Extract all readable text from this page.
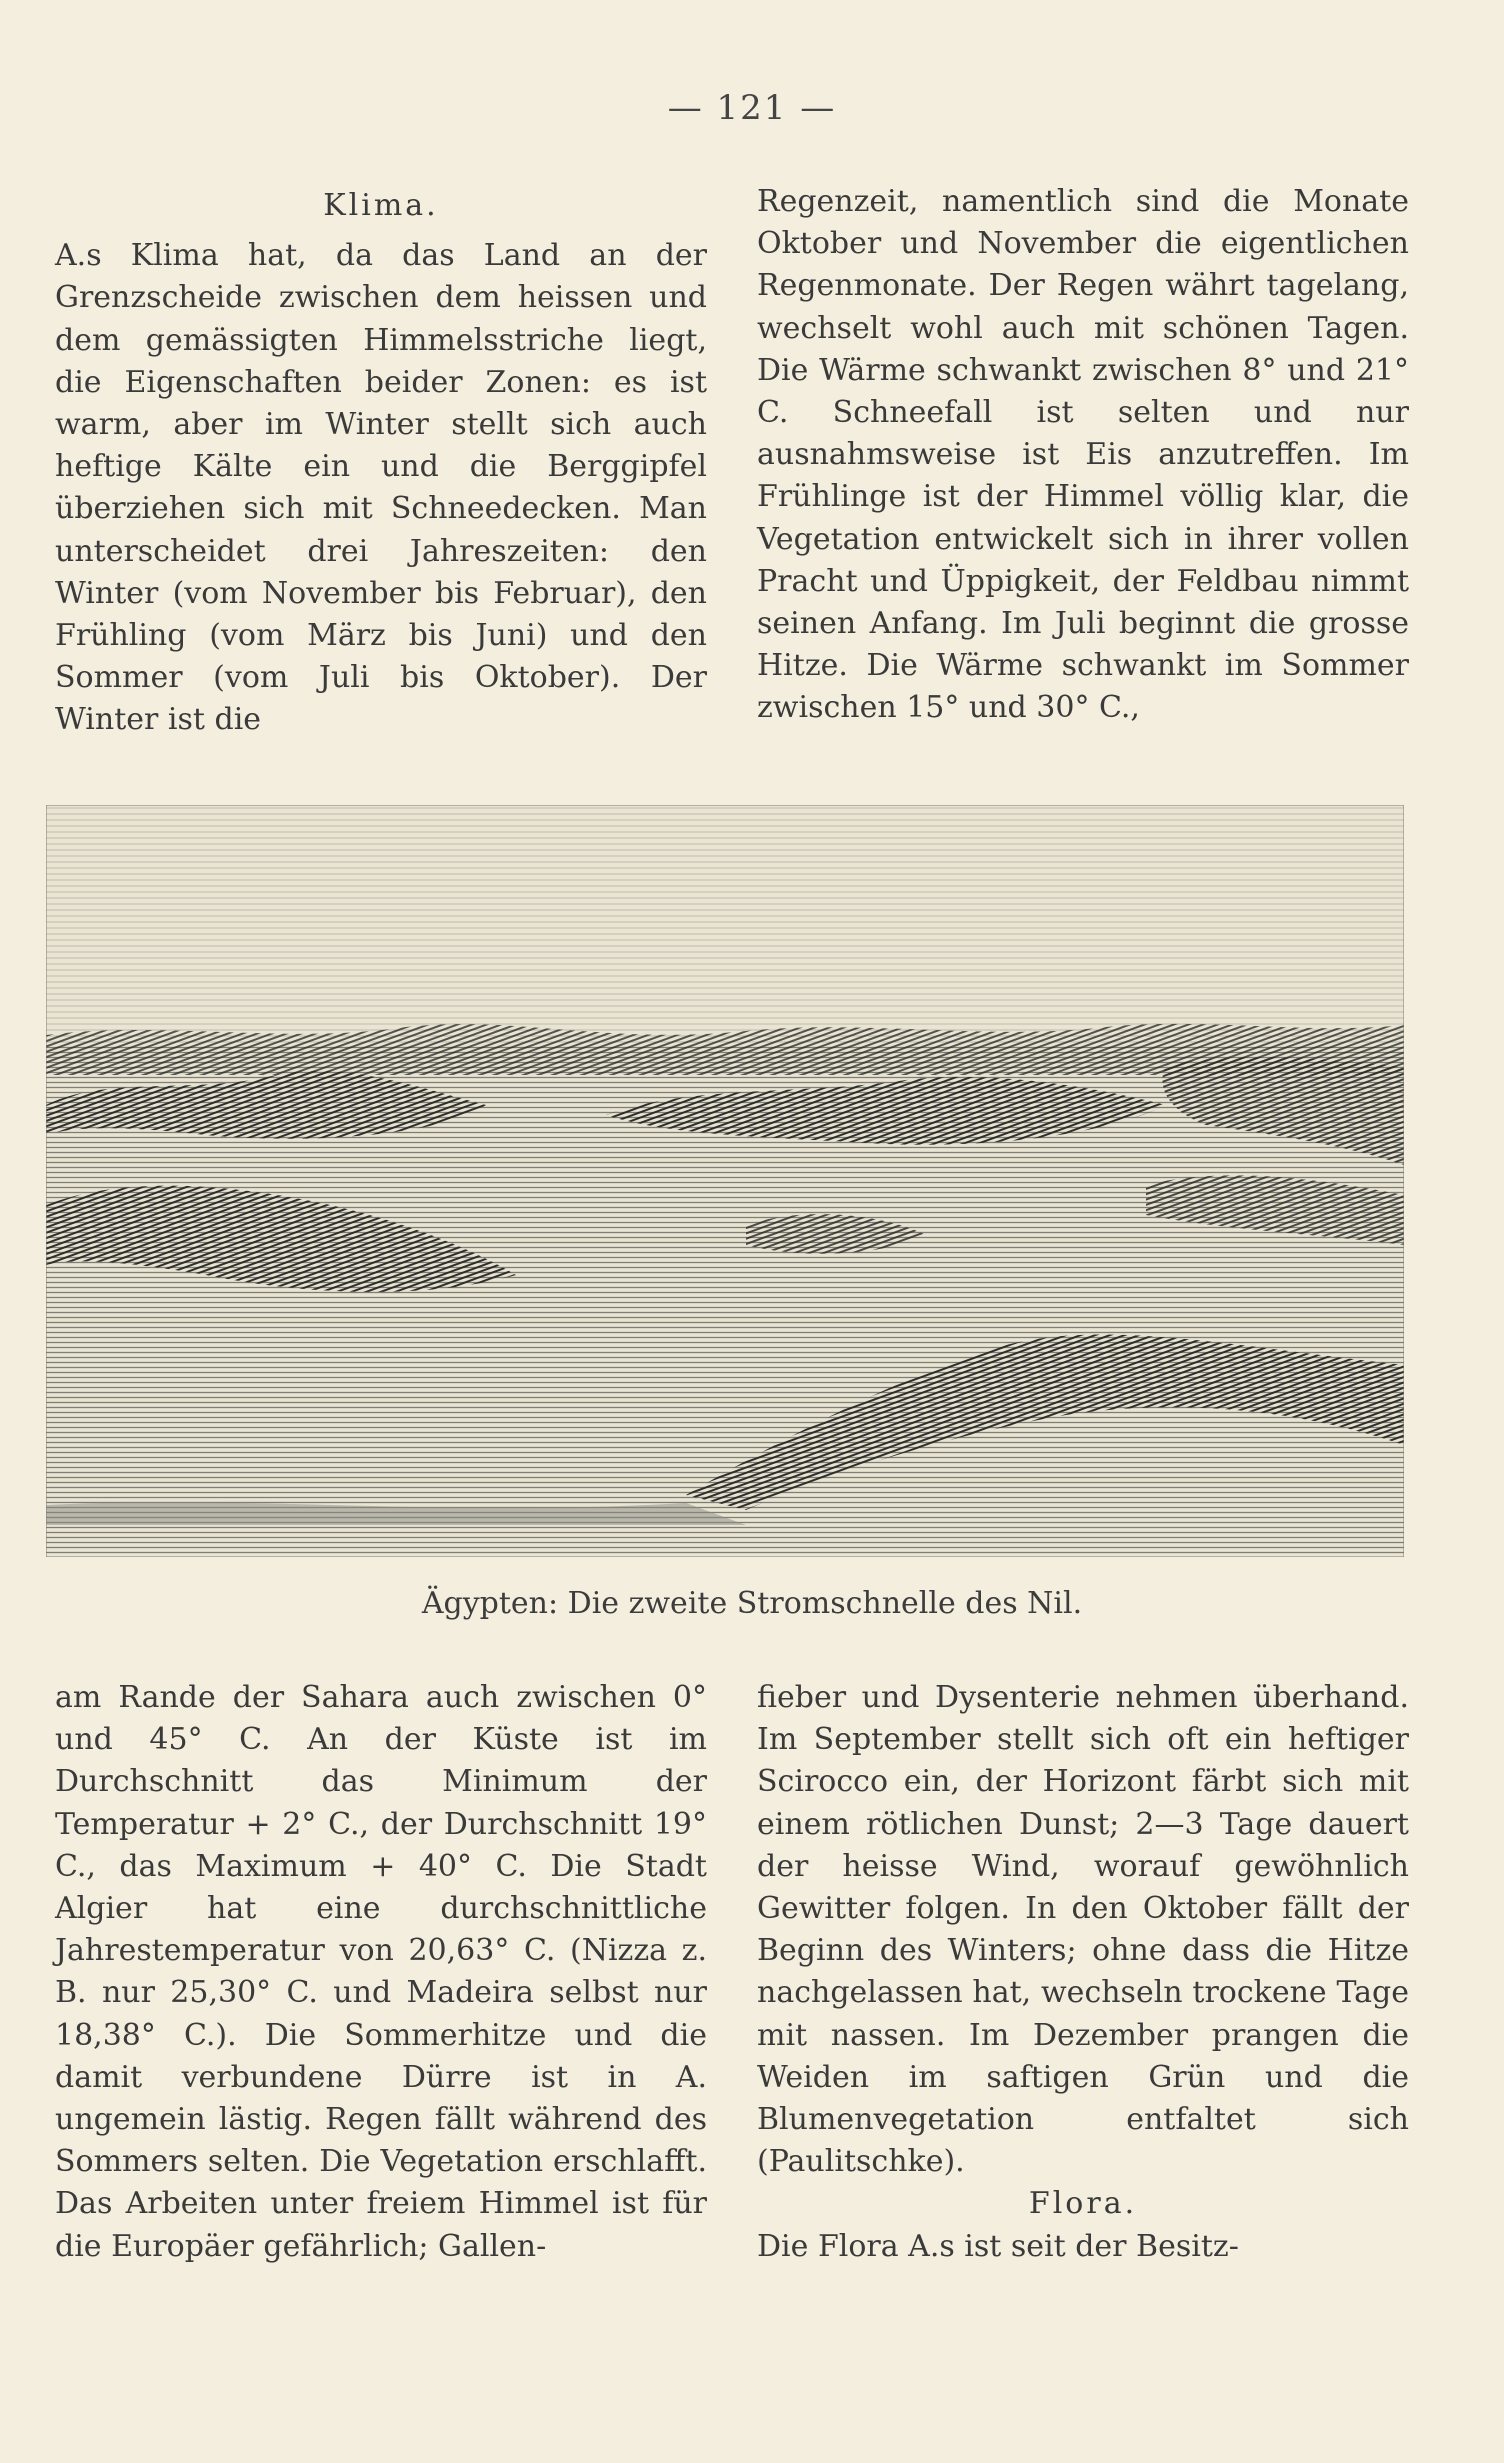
— 121 —
Klima.

A.s Klima hat, da das Land an der Grenzscheide zwischen dem heissen und dem gemässigten Himmelsstriche liegt, die Eigenschaften beider Zonen: es ist warm, aber im Winter stellt sich auch heftige Kälte ein und die Berggipfel überziehen sich mit Schneedecken. Man unterscheidet drei Jahreszeiten: den Winter (vom November bis Februar), den Frühling (vom März bis Juni) und den Sommer (vom Juli bis Oktober). Der Winter ist die

Regenzeit, namentlich sind die Monate Oktober und November die eigentlichen Regenmonate. Der Regen währt tagelang, wechselt wohl auch mit schönen Tagen. Die Wärme schwankt zwischen 8° und 21° C. Schneefall ist selten und nur ausnahmsweise ist Eis anzutreffen. Im Frühlinge ist der Himmel völlig klar, die Vegetation entwickelt sich in ihrer vollen Pracht und Üppigkeit, der Feldbau nimmt seinen Anfang. Im Juli beginnt die grosse Hitze. Die Wärme schwankt im Sommer zwischen 15° und 30° C.,

Ägypten: Die zweite Stromschnelle des Nil.

am Rande der Sahara auch zwischen 0° und 45° C. An der Küste ist im Durchschnitt das Minimum der Temperatur + 2° C., der Durchschnitt 19° C., das Maximum + 40° C. Die Stadt Algier hat eine durchschnittliche Jahrestemperatur von 20,63° C. (Nizza z. B. nur 25,30° C. und Madeira selbst nur 18,38° C.). Die Sommerhitze und die damit verbundene Dürre ist in A. ungemein lästig. Regen fällt während des Sommers selten. Die Vegetation erschlafft. Das Arbeiten unter freiem Himmel ist für die Europäer gefährlich; Gallen-

fieber und Dysenterie nehmen überhand. Im September stellt sich oft ein heftiger Scirocco ein, der Horizont färbt sich mit einem rötlichen Dunst; 2—3 Tage dauert der heisse Wind, worauf gewöhnlich Gewitter folgen. In den Oktober fällt der Beginn des Winters; ohne dass die Hitze nachgelassen hat, wechseln trockene Tage mit nassen. Im Dezember prangen die Weiden im saftigen Grün und die Blumenvegetation entfaltet sich (Paulitschke).

Flora.

Die Flora A.s ist seit der Besitz-
